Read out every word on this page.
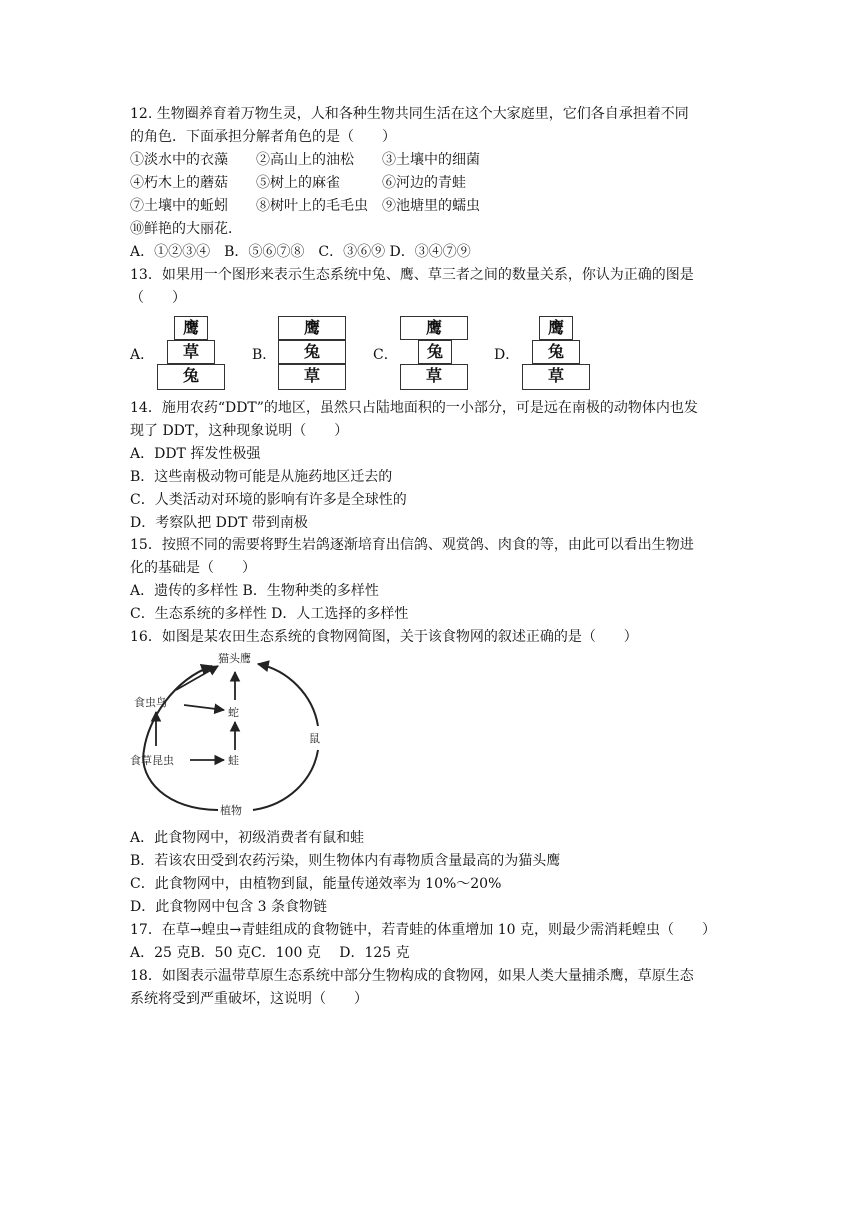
12. 生物圈养育着万物生灵，人和各种生物共同生活在这个大家庭里，它们各自承担着不同
的角色．下面承担分解者角色的是（　　）
①淡水中的衣藻　　②高山上的油松　　③土壤中的细菌
④朽木上的蘑菇　　⑤树上的麻雀　　　⑥河边的青蛙
⑦土壤中的蚯蚓　　⑧树叶上的毛毛虫　⑨池塘里的蠕虫
⑩鲜艳的大丽花．
A．①②③④　B．⑤⑥⑦⑧　C．③⑥⑨ D．③④⑦⑨
13．如果用一个图形来表示生态系统中兔、鹰、草三者之间的数量关系，你认为正确的图是
（　　）
A．
鹰
草
兔
B．
鹰
兔
草
C．
鹰
兔
草
D．
鹰
兔
草
14．施用农药“DDT”的地区，虽然只占陆地面积的一小部分，可是远在南极的动物体内也发
现了 DDT，这种现象说明（　　）
A．DDT 挥发性极强
B．这些南极动物可能是从施药地区迁去的
C．人类活动对环境的影响有许多是全球性的
D．考察队把 DDT 带到南极
15．按照不同的需要将野生岩鸽逐渐培育出信鸽、观赏鸽、肉食的等，由此可以看出生物进
化的基础是（　　）
A．遗传的多样性 B．生物种类的多样性
C．生态系统的多样性 D．人工选择的多样性
16．如图是某农田生态系统的食物网简图，关于该食物网的叙述正确的是（　　）
猫头鹰
食虫鸟
蛇
食草昆虫	蛙
鼠
植物
A．此食物网中，初级消费者有鼠和蛙
B．若该农田受到农药污染，则生物体内有毒物质含量最高的为猫头鹰
C．此食物网中，由植物到鼠，能量传递效率为 10%～20%
D．此食物网中包含 3 条食物链
17．在草→蝗虫→青蛙组成的食物链中，若青蛙的体重增加 10 克，则最少需消耗蝗虫（　　）
A．25 克B．50 克C．100 克　 D．125 克
18．如图表示温带草原生态系统中部分生物构成的食物网，如果人类大量捕杀鹰，草原生态
系统将受到严重破坏，这说明（　　）
